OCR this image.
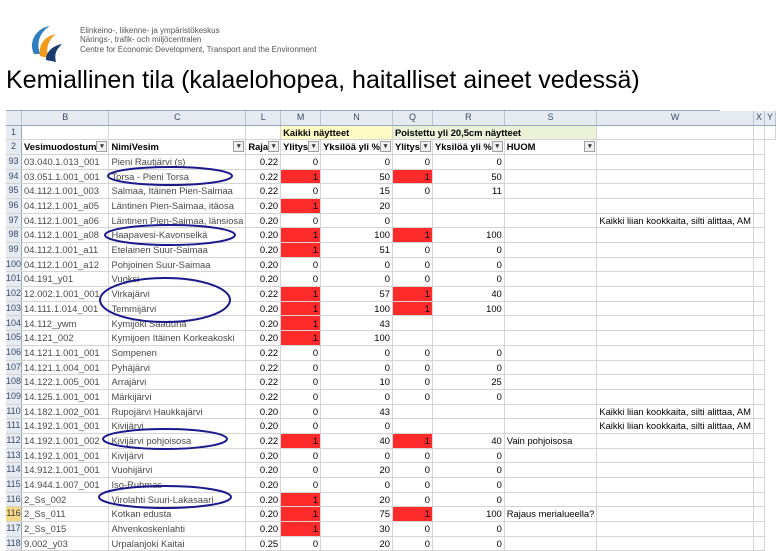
Elinkeino-, liikenne- ja ympäristökeskus
Närings-, trafik- och miljöcentralen
Centre for Economic Development, Transport and the Environment
Kemiallinen tila (kalaelohopea, haitalliset aineet vedessä)
	B	C	L	M	N	Q	R	S	W	X	Y
1				Kaikki näytteet		Poistettu yli 20,5cm näytteet					
2	Vesimuodostum ▾	NimiVesim ▾	Raja ▾	Ylitys ▾	Yksilöä yli % ▾	Ylitys ▾	Yksilöä yli % ▾	HUOM ▾			

93	03.040.1.013_001	Pieni Rautjärvi (s)	0.22	0	0	0	0				
94	03.051.1.001_001	Torsa - Pieni Torsa	0.22	1	50	1	50				
95	04.112.1.001_003	Salmaa, Itäinen Pien-Salmaa	0.22	0	15	0	11				
96	04.112.1.001_a05	Läntinen Pien-Saimaa, itäosa	0.20	1	20						
97	04.112.1.001_a06	Läntinen Pien-Saimaa, länsiosa	0.20	0	0				Kaikki liian kookkaita, silti alittaa, AM		
98	04.112.1.001_a08	Haapavesi-Kavonselkä	0.20	1	100	1	100				
99	04.112.1.001_a11	Etelainen Suur-Saimaa	0.20	1	51	0	0				
100	04.112.1.001_a12	Pohjoinen Suur-Saimaa	0.20	0	0	0	0				
101	04.191_y01	Vuoksi	0.20	0	0	0	0				
102	12.002.1.001_001	Virkajärvi	0.22	1	57	1	40				
103	14.111.1.014_001	Temmijärvi	0.20	1	100	1	100				
104	14.112_ywm	Kymijoki Saaduna	0.20	1	43						
105	14.121_002	Kymijoen Itäinen Korkeakoski	0.20	1	100						
106	14.121.1.001_001	Sompenen	0.22	0	0	0	0				
107	14.121.1.004_001	Pyhäjärvi	0.22	0	0	0	0				
108	14.122.1.005_001	Arrajärvi	0.22	0	10	0	25				
109	14.125.1.001_001	Märkijärvi	0.22	0	0	0	0				
110	14.182.1.002_001	Rupojärvi Haukkajärvi	0.20	0	43				Kaikki liian kookkaita, silti alittaa, AM		
111	14.192.1.001_001	Kivijärvi	0.20	0	0				Kaikki liian kookkaita, silti alittaa, AM		
112	14.192.1.001_002	Kivijärvi pohjoisosa	0.22	1	40	1	40	Vain pohjoisosa			
113	14.192.1.001_001	Kivijärvi	0.20	0	0	0	0				
114	14.912.1.001_001	Vuohijärvi	0.20	0	20	0	0				
115	14.944.1.007_001	Iso-Ruhmas	0.20	0	0	0	0				
116	2_Ss_002	Virolahti Suuri-Lakasaari	0.20	1	20	0	0				
116	2_Ss_011	Kotkan edusta	0.20	1	75	1	100	Rajaus merialueella?			
117	2_Ss_015	Ahvenkoskenlahti	0.20	1	30	0	0				
118	9.002_y03	Urpalanjoki Kaitai	0.25	0	20	0	0				
